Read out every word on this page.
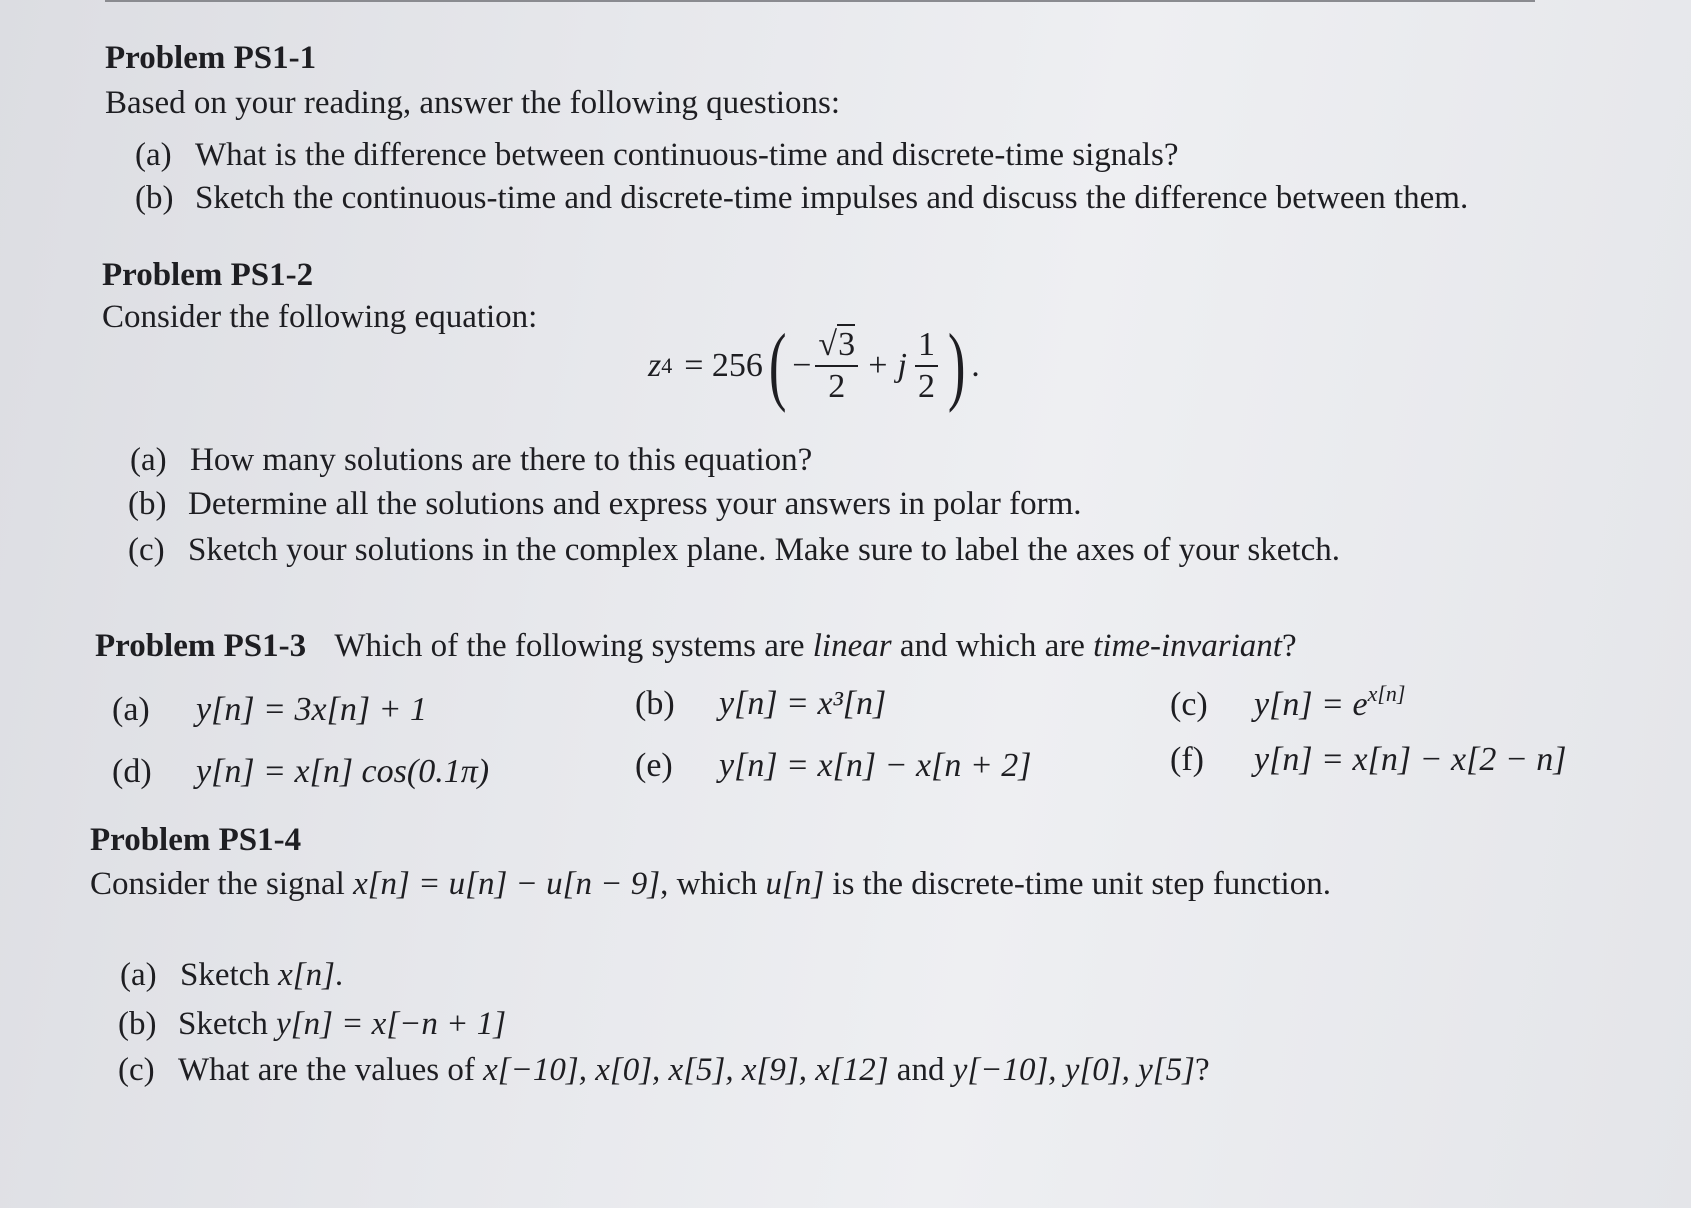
Problem PS1-1
Based on your reading, answer the following questions:
(a) What is the difference between continuous-time and discrete-time signals?
(b) Sketch the continuous-time and discrete-time impulses and discuss the difference between them.
Problem PS1-2
Consider the following equation:
z 4 = 256 ( − $\frac{√3}{2} + j \frac{1}{2}$ ) .
(a) How many solutions are there to this equation?
(b) Determine all the solutions and express your answers in polar form.
(c) Sketch your solutions in the complex plane. Make sure to label the axes of your sketch.
Problem PS1-3 Which of the following systems are linear and which are time-invariant?
(a) y[n] = 3x[n] + 1	(b) y[n] = x³[n]	(c) $y[n] = e^{x[n]}$
(d) y[n] = x[n] cos(0.1π)	(e) y[n] = x[n] − x[n + 2]	(f) y[n] = x[n] − x[2 − n]
Problem PS1-4
Consider the signal x[n] = u[n] − u[n − 9], which u[n] is the discrete-time unit step function.
(a) Sketch x[n].
(b) Sketch y[n] = x[−n + 1]
(c) What are the values of x[−10], x[0], x[5], x[9], x[12] and y[−10], y[0], y[5]?
